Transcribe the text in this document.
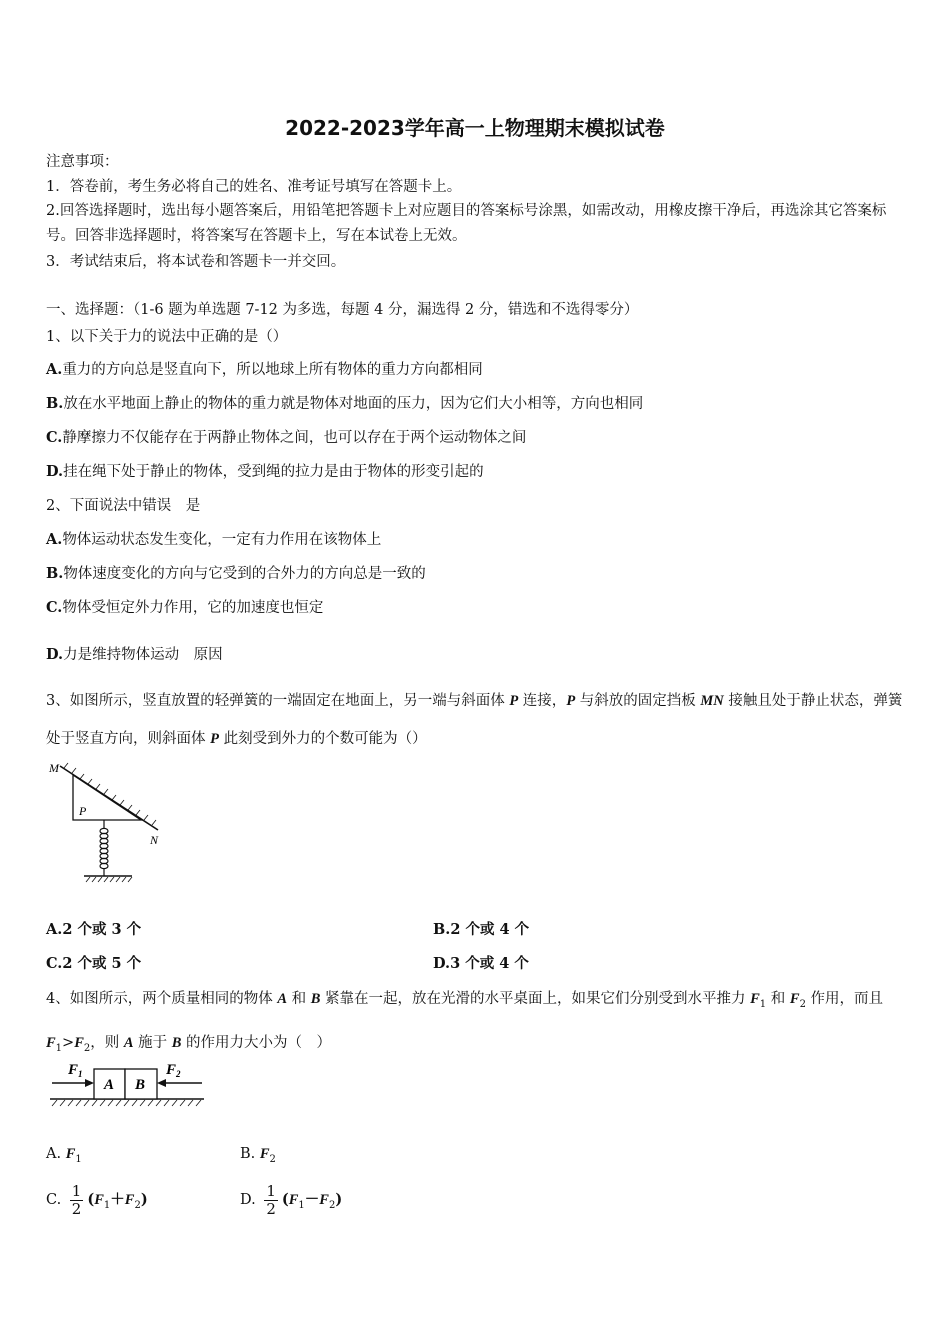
2022-2023学年高一上物理期末模拟试卷
注意事项：
1．答卷前，考生务必将自己的姓名、准考证号填写在答题卡上。
2.回答选择题时，选出每小题答案后，用铅笔把答题卡上对应题目的答案标号涂黑，如需改动，用橡皮擦干净后，再选涂其它答案标号。回答非选择题时，将答案写在答题卡上，写在本试卷上无效。
3．考试结束后，将本试卷和答题卡一并交回。
一、选择题：（1-6 题为单选题 7-12 为多选，每题 4 分，漏选得 2 分，错选和不选得零分）
1、以下关于力的说法中正确的是（）
A.重力的方向总是竖直向下，所以地球上所有物体的重力方向都相同
B.放在水平地面上静止的物体的重力就是物体对地面的压力，因为它们大小相等，方向也相同
C.静摩擦力不仅能存在于两静止物体之间，也可以存在于两个运动物体之间
D.挂在绳下处于静止的物体，受到绳的拉力是由于物体的形变引起的
2、下面说法中错误　是
A.物体运动状态发生变化，一定有力作用在该物体上
B.物体速度变化的方向与它受到的合外力的方向总是一致的
C.物体受恒定外力作用，它的加速度也恒定
D.力是维持物体运动　原因
3、如图所示，竖直放置的轻弹簧的一端固定在地面上，另一端与斜面体 P 连接，P 与斜放的固定挡板 MN 接触且处于静止状态，弹簧处于竖直方向，则斜面体 P 此刻受到外力的个数可能为（）
M
P
N
A.2 个或 3 个	B.2 个或 4 个
C.2 个或 5 个	D.3 个或 4 个
4、如图所示，两个质量相同的物体 A 和 B 紧靠在一起，放在光滑的水平桌面上，如果它们分别受到水平推力 $F_1$ 和 $F_2$ 作用，而且 $F_1>F_2$，则 A 施于 B 的作用力大小为（　）
A B
$F_1$	$F_2$
A. $F_1$	B. $F_2$
C. $\frac{1}{2} (F_1+F_2)$	D. $\frac{1}{2} (F_1-F_2)$
